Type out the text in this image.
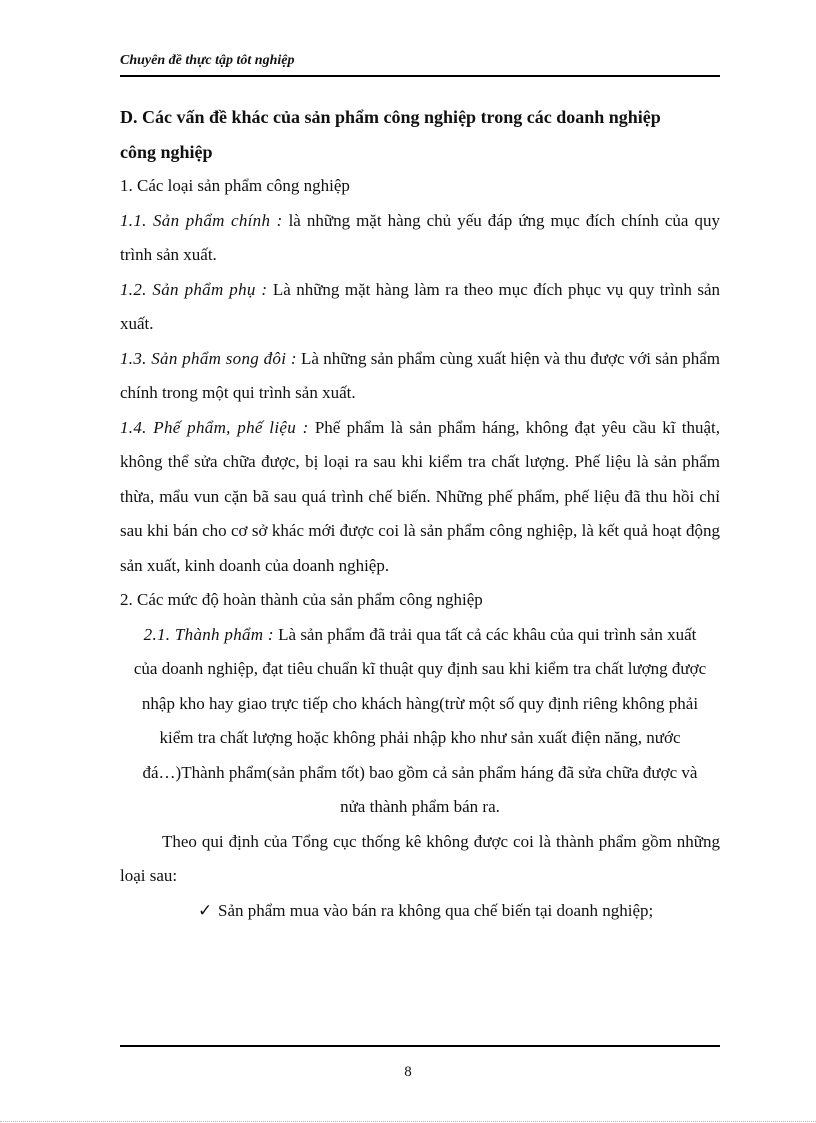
Chuyên đề thực tập tôt nghiệp

D. Các vấn đề khác của sản phẩm công nghiệp trong các doanh nghiệp
công nghiệp

1. Các loại sản phẩm công nghiệp

1.1. Sản phẩm chính : là những mặt hàng chủ yếu đáp ứng mục đích chính của quy trình sản xuất.

1.2. Sản phẩm phụ : Là những mặt hàng làm ra theo mục đích phục vụ quy trình sản xuất.

1.3. Sản phẩm song đôi : Là những sản phẩm cùng xuất hiện và thu được với sản phẩm chính trong một qui trình sản xuất.

1.4. Phế phẩm, phế liệu : Phế phẩm là sản phẩm háng, không đạt yêu cầu kĩ thuật, không thể sửa chữa được, bị loại ra sau khi kiểm tra chất lượng. Phế liệu là sản phẩm thừa, mẩu vun cặn bã sau quá trình chế biến. Những phế phẩm, phế liệu đã thu hồi chỉ sau khi bán cho cơ sở khác mới được coi là sản phẩm công nghiệp, là kết quả hoạt động sản xuất, kinh doanh của doanh nghiệp.

2. Các mức độ hoàn thành của sản phẩm công nghiệp

2.1. Thành phẩm : Là sản phẩm đã trải qua tất cả các khâu của qui trình sản xuất của doanh nghiệp, đạt tiêu chuẩn kĩ thuật quy định sau khi kiểm tra chất lượng được nhập kho hay giao trực tiếp cho khách hàng(trừ một số quy định riêng không phải kiểm tra chất lượng hoặc không phải nhập kho như sản xuất điện năng, nước đá…)Thành phẩm(sản phẩm tốt) bao gồm cả sản phẩm háng đã sửa chữa được và nửa thành phẩm bán ra.

Theo qui định của Tổng cục thống kê không được coi là thành phẩm gồm những loại sau:

✓ Sản phẩm mua vào bán ra không qua chế biến tại doanh nghiệp;

8
